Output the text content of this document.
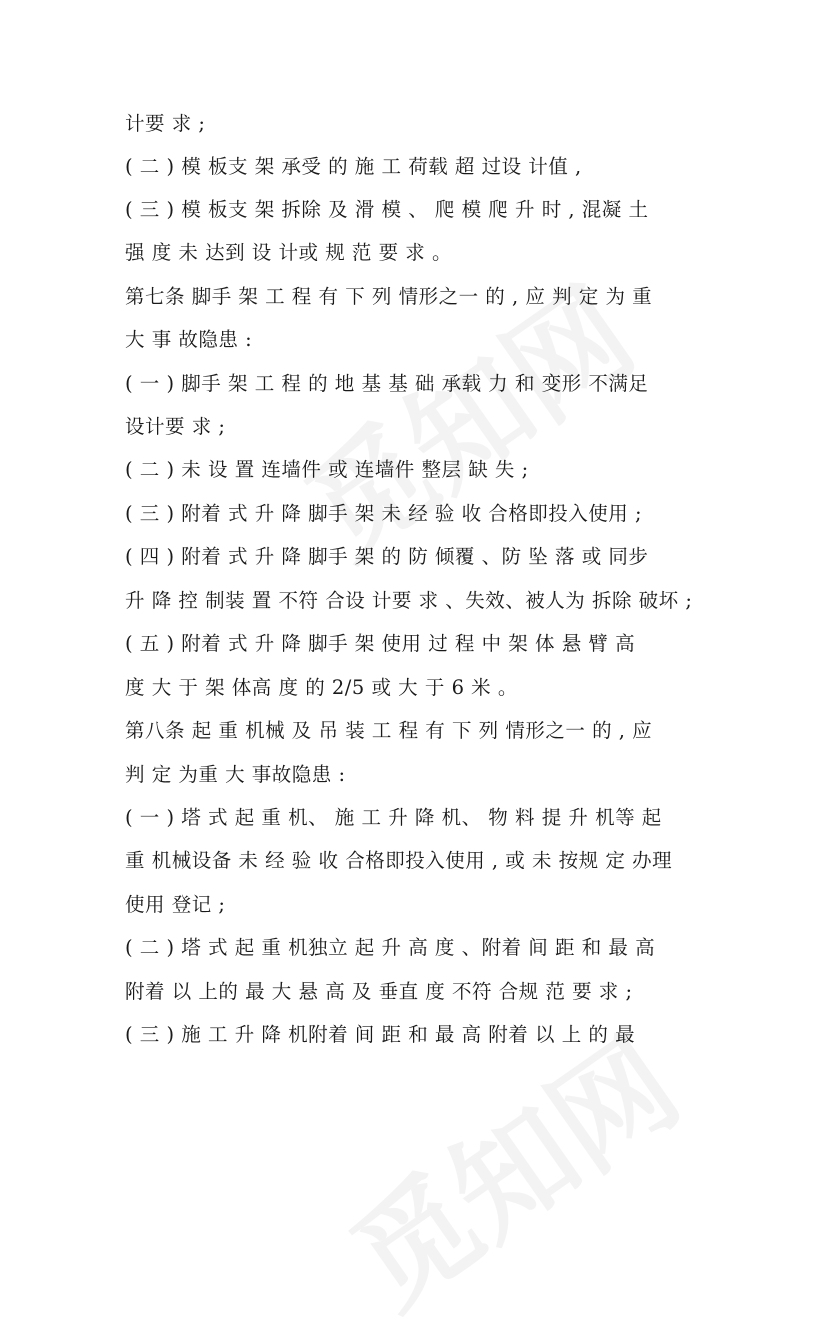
计要 求 ;
( 二 ) 模 板支 架 承受 的 施 工 荷载 超 过设 计值 ,
( 三 ) 模 板支 架 拆除 及 滑 模 、 爬 模 爬 升 时 , 混凝 土
强 度 未 达到 设 计或 规 范 要 求 。
第七条 脚手 架 工 程 有 下 列 情形之一 的 , 应 判 定 为 重
大 事 故隐患 :
( 一 ) 脚手 架 工 程 的 地 基 基 础 承载 力 和 变形 不满足
设计要 求 ;
( 二 ) 未 设 置 连墙件 或 连墙件 整层 缺 失 ;
( 三 ) 附着 式 升 降 脚手 架 未 经 验 收 合格即投入使用 ;
( 四 ) 附着 式 升 降 脚手 架 的 防 倾覆 、防 坠 落 或 同步
升 降 控 制装 置 不符 合设 计要 求 、失效、被人为 拆除 破坏 ;
( 五 ) 附着 式 升 降 脚手 架 使用 过 程 中 架 体 悬 臂 高
度 大 于 架 体高 度 的 2/5 或 大 于 6 米 。
第八条 起 重 机械 及 吊 装 工 程 有 下 列 情形之一 的 , 应
判 定 为重 大 事故隐患 :
( 一 ) 塔 式 起 重 机、 施 工 升 降 机、 物 料 提 升 机等 起
重 机械设备 未 经 验 收 合格即投入使用 , 或 未 按规 定 办理
使用 登记 ;
( 二 ) 塔 式 起 重 机独立 起 升 高 度 、附着 间 距 和 最 高
附着 以 上的 最 大 悬 高 及 垂直 度 不符 合规 范 要 求 ;
( 三 ) 施 工 升 降 机附着 间 距 和 最 高 附着 以 上 的 最
